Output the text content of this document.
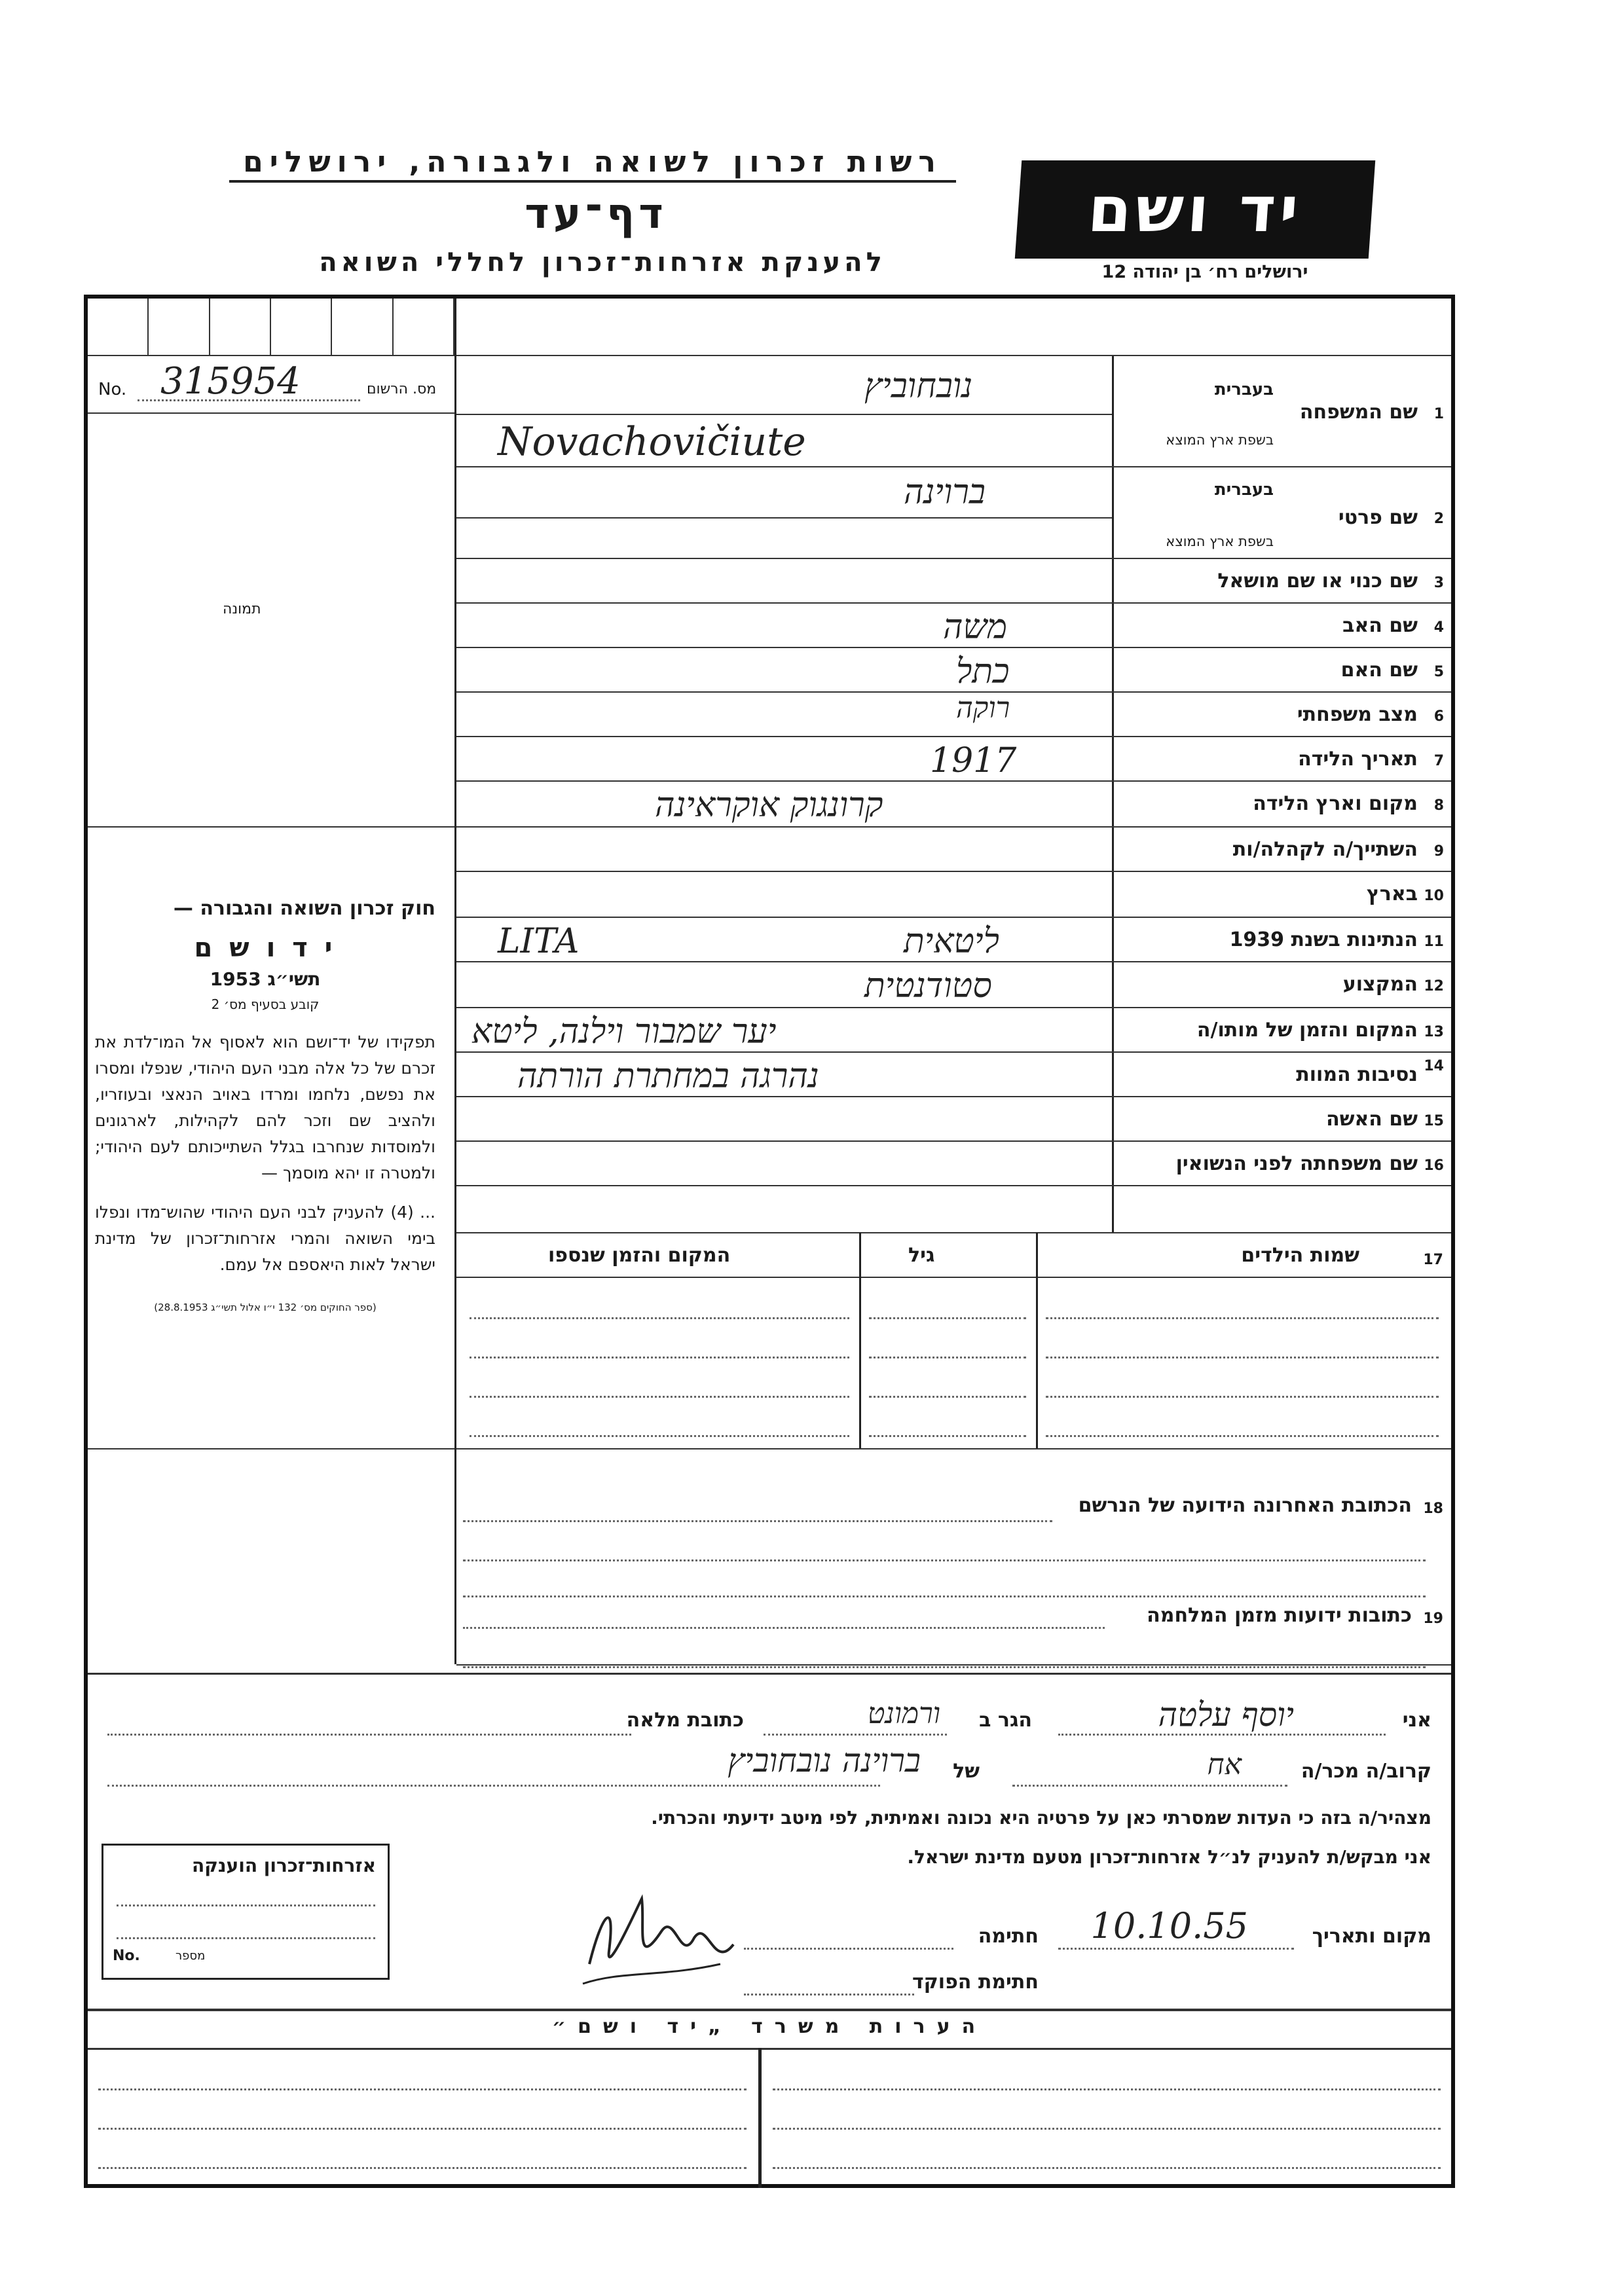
רשות זכרון לשואה ולגבורה, ירושלים
דף־עד
להענקת אזרחות־זכרון לחללי השואה
יד ושם
ירושלים רח׳ בן יהודה 12
No. 315954	מס. הרשום
תמונה
חוק זכרון השואה והגבורה —
י ד ו ש ם
תשי״ג 1953
קובע בסעיף מס׳ 2
תפקידו של יד־ושם הוא לאסוף אל המו־לדת את זכרם של כל אלה מבני העם היהודי, שנפלו ומסרו את נפשם, נלחמו ומרדו באויב הנאצי ובעוזריו, ולהציב שם וזכר להם לקהילות, לארגונים ולמוסדות שנחרבו בגלל השתייכותם לעם היהודי; ולמטרה זו יהא מוסמך —
... (4) להעניק לבני העם היהודי שהוש־מדו ונפלו בימי השואה והמרי אזרחות־זכרון של מדינת ישראל לאות היאספם אל עמם.
(ספר החוקים מס׳ 132 י״ו אלול תשי״ג 28.8.1953)
1
שם המשפחה
בעברית
בשפת ארץ המוצא
נובחוביץ
Novachovičiute
2
שם פרטי
בעברית
בשפת ארץ המוצא
ברוינה
3
שם כנוי או שם מושאל
4
שם האב
משה
5
שם האם
כתל
6
מצב משפחתי
רוקה
7
תאריך הלידה
1917
8
מקום וארץ הלידה
קרונגוק אוקראינה
9
השתייך/ה לקהלה/ות
10
בארץ
11
הנתינות בשנת 1939
ליטאית
LITA
12
המקצוע
סטודנטית
13
המקום והזמן של מותו/ה
יער שמבור וילנה, ליטא
14
נסיבות המוות
נהרגה במחתרת הורתה
15
שם האשה
16
שם משפחתה לפני הנשואין
17
שמות הילדים
גיל
המקום והזמן שנספו
18
הכתובת האחרונה הידועה של הנרשם
19
כתובות ידועות מזמן המלחמה
אני
יוסף עלטה
הגר ב
ורמונט
כתובת מלאה
קרוב/ה מכר/ה
אח
של
ברוינה נובחוביץ
מצהיר/ה בזה כי העדות שמסרתי כאן על פרטיה היא נכונה ואמיתית, לפי מיטב ידיעתי והכרתי.
אני מבקש/ת להעניק לנ״ל אזרחות־זכרון מטעם מדינת ישראל.
מקום ותאריך
10.10.55
חתימה
חתימת הפוקד
אזרחות־זכרון הוענקה
No.	מספר
הערות משרד „יד ושם״
